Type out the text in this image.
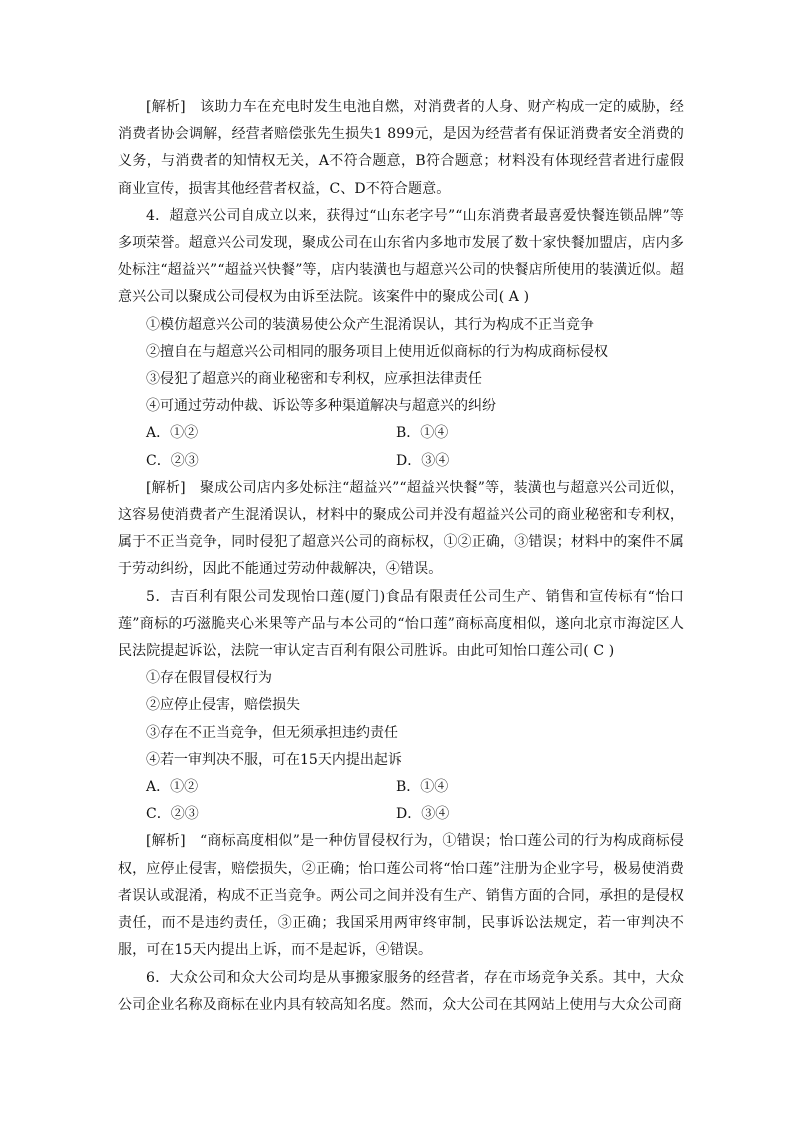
[解析]　该助力车在充电时发生电池自燃，对消费者的人身、财产构成一定的威胁，经消费者协会调解，经营者赔偿张先生损失1 899元，是因为经营者有保证消费者安全消费的义务，与消费者的知情权无关，A不符合题意，B符合题意；材料没有体现经营者进行虚假商业宣传，损害其他经营者权益，C、D不符合题意。

4．超意兴公司自成立以来，获得过“山东老字号”“山东消费者最喜爱快餐连锁品牌”等多项荣誉。超意兴公司发现，聚成公司在山东省内多地市发展了数十家快餐加盟店，店内多处标注“超益兴”“超益兴快餐”等，店内装潢也与超意兴公司的快餐店所使用的装潢近似。超意兴公司以聚成公司侵权为由诉至法院。该案件中的聚成公司( A )

①模仿超意兴公司的装潢易使公众产生混淆误认，其行为构成不正当竞争

②擅自在与超意兴公司相同的服务项目上使用近似商标的行为构成商标侵权

③侵犯了超意兴的商业秘密和专利权，应承担法律责任

④可通过劳动仲裁、诉讼等多种渠道解决与超意兴的纠纷

A．①②	B．①④
C．②③	D．③④

[解析]　聚成公司店内多处标注“超益兴”“超益兴快餐”等，装潢也与超意兴公司近似，这容易使消费者产生混淆误认，材料中的聚成公司并没有超益兴公司的商业秘密和专利权，属于不正当竞争，同时侵犯了超意兴公司的商标权，①②正确，③错误；材料中的案件不属于劳动纠纷，因此不能通过劳动仲裁解决，④错误。

5．吉百利有限公司发现怡口莲(厦门)食品有限责任公司生产、销售和宣传标有“怡口莲”商标的巧滋脆夹心米果等产品与本公司的“怡口莲”商标高度相似，遂向北京市海淀区人民法院提起诉讼，法院一审认定吉百利有限公司胜诉。由此可知怡口莲公司( C )

①存在假冒侵权行为

②应停止侵害，赔偿损失

③存在不正当竞争，但无须承担违约责任

④若一审判决不服，可在15天内提出起诉

A．①②	B．①④
C．②③	D．③④

[解析]　“商标高度相似”是一种仿冒侵权行为，①错误；怡口莲公司的行为构成商标侵权，应停止侵害，赔偿损失，②正确；怡口莲公司将“怡口莲”注册为企业字号，极易使消费者误认或混淆，构成不正当竞争。两公司之间并没有生产、销售方面的合同，承担的是侵权责任，而不是违约责任，③正确；我国采用两审终审制，民事诉讼法规定，若一审判决不服，可在15天内提出上诉，而不是起诉，④错误。

6．大众公司和众大公司均是从事搬家服务的经营者，存在市场竞争关系。其中，大众公司企业名称及商标在业内具有较高知名度。然而，众大公司在其网站上使用与大众公司商
